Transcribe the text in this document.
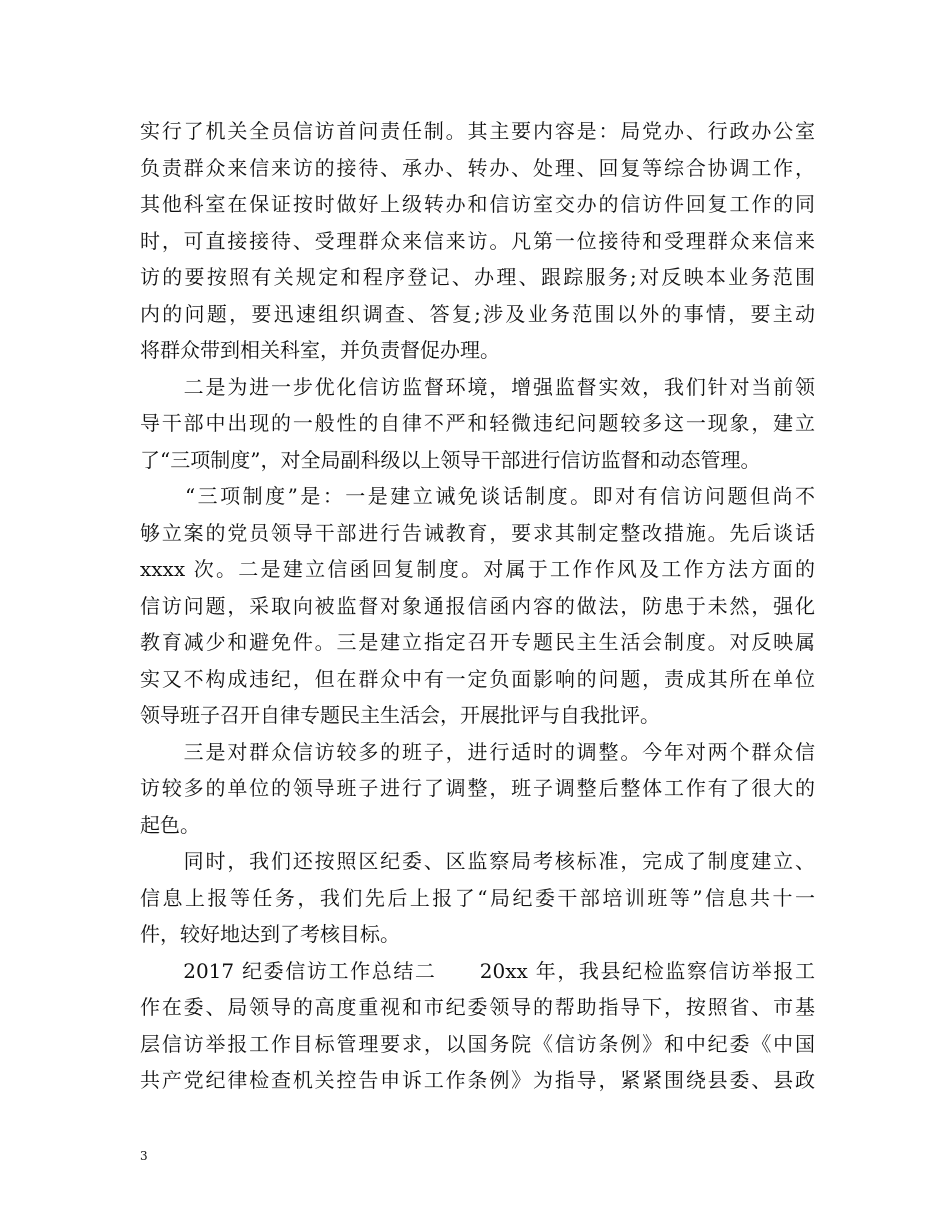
实行了机关全员信访首问责任制。其主要内容是：局党办、行政办公室
负责群众来信来访的接待、承办、转办、处理、回复等综合协调工作，
其他科室在保证按时做好上级转办和信访室交办的信访件回复工作的同
时，可直接接待、受理群众来信来访。凡第一位接待和受理群众来信来
访的要按照有关规定和程序登记、办理、跟踪服务;对反映本业务范围
内的问题，要迅速组织调查、答复;涉及业务范围以外的事情，要主动
将群众带到相关科室，并负责督促办理。
　　二是为进一步优化信访监督环境，增强监督实效，我们针对当前领
导干部中出现的一般性的自律不严和轻微违纪问题较多这一现象，建立
了“三项制度”，对全局副科级以上领导干部进行信访监督和动态管理。
　　“三项制度”是：一是建立诫免谈话制度。即对有信访问题但尚不
够立案的党员领导干部进行告诫教育，要求其制定整改措施。先后谈话
xxxx 次。二是建立信函回复制度。对属于工作作风及工作方法方面的
信访问题，采取向被监督对象通报信函内容的做法，防患于未然，强化
教育减少和避免件。三是建立指定召开专题民主生活会制度。对反映属
实又不构成违纪，但在群众中有一定负面影响的问题，责成其所在单位
领导班子召开自律专题民主生活会，开展批评与自我批评。
　　三是对群众信访较多的班子，进行适时的调整。今年对两个群众信
访较多的单位的领导班子进行了调整，班子调整后整体工作有了很大的
起色。
　　同时，我们还按照区纪委、区监察局考核标准，完成了制度建立、
信息上报等任务，我们先后上报了“局纪委干部培训班等”信息共十一
件，较好地达到了考核目标。
　　2017 纪委信访工作总结二　　20xx 年，我县纪检监察信访举报工
作在委、局领导的高度重视和市纪委领导的帮助指导下，按照省、市基
层信访举报工作目标管理要求，以国务院《信访条例》和中纪委《中国
共产党纪律检查机关控告申诉工作条例》为指导，紧紧围绕县委、县政
3
